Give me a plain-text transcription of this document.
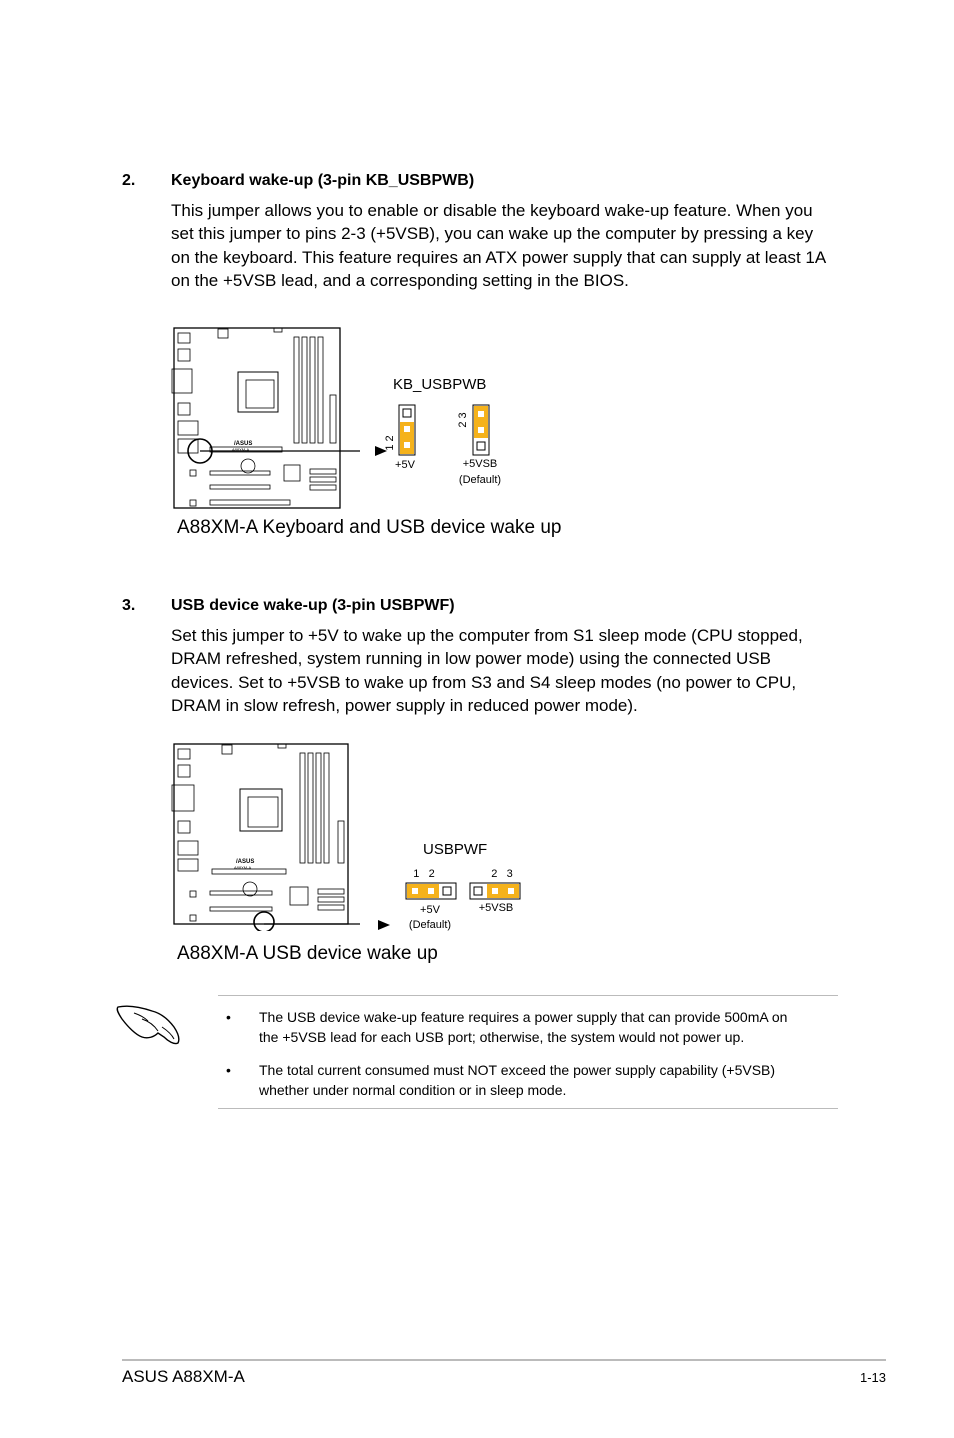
2.	Keyboard wake-up (3-pin KB_USBPWB)

This jumper allows you to enable or disable the keyboard wake-up feature. When you

set this jumper to pins 2-3 (+5VSB), you can wake up the computer by pressing a key

on the keyboard. This feature requires an ATX power supply that can supply at least 1A

on the +5VSB lead, and a corresponding setting in the BIOS.

/ASUS
A88XM-A
KB_USBPWB
1 2
2 3
+5V	+5VSB
(Default)
A88XM-A Keyboard and USB device wake up
3.	USB device wake-up (3-pin USBPWF)

Set this jumper to +5V to wake up the computer from S1 sleep mode (CPU stopped,

DRAM refreshed, system running in low power mode) using the connected USB

devices. Set to +5VSB to wake up from S3 and S4 sleep modes (no power to CPU,

DRAM in slow refresh, power supply in reduced power mode).

/ASUS
A88XM-A
USBPWF
1   2	2   3
+5V
(Default)
+5VSB
A88XM-A USB device wake up
• The USB device wake-up feature requires a power supply that can provide 500mA on
the +5VSB lead for each USB port; otherwise, the system would not power up.
• The total current consumed must NOT exceed the power supply capability (+5VSB)
whether under normal condition or in sleep mode.
ASUS A88XM-A	1-13
